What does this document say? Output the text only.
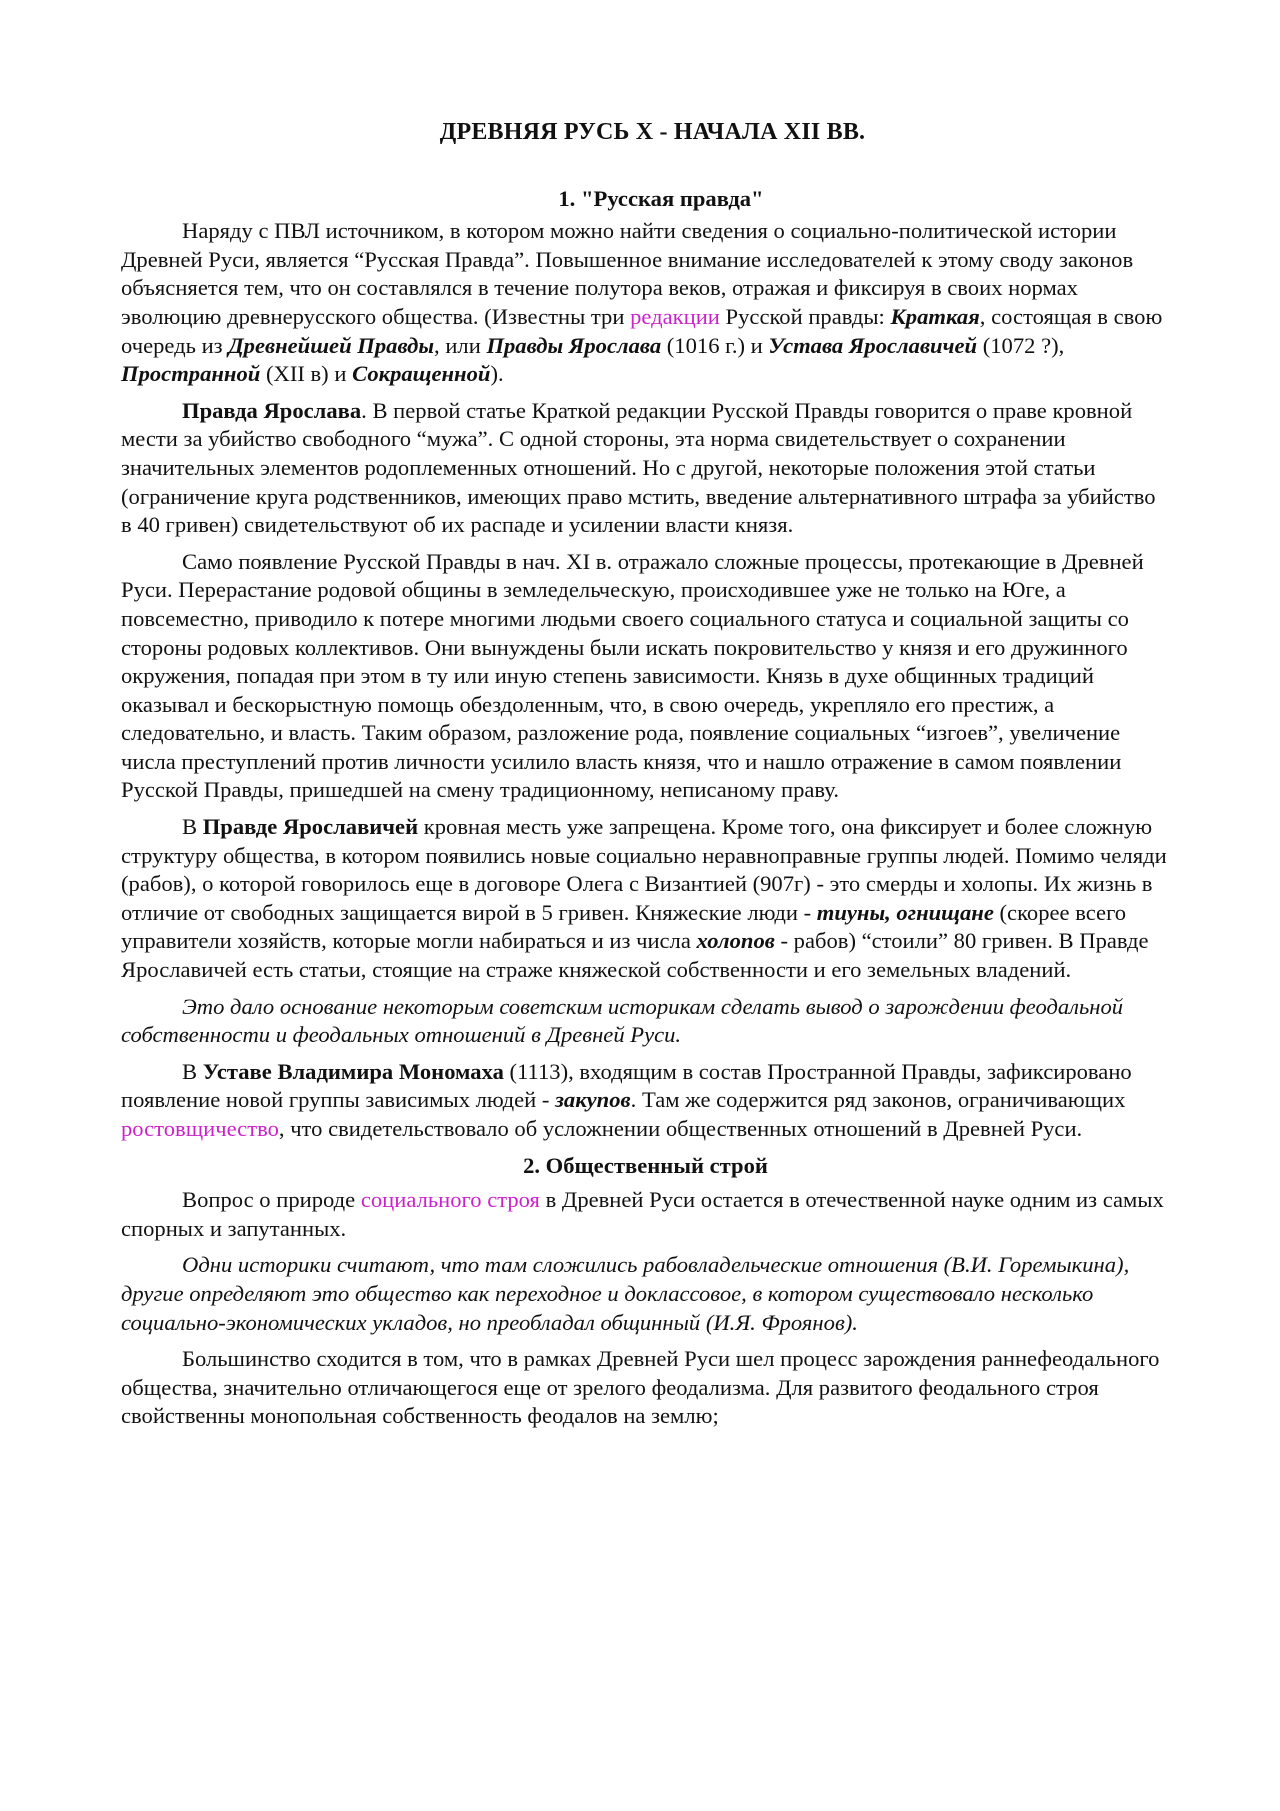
ДРЕВНЯЯ РУСЬ X - НАЧАЛА XII ВВ.
1. "Русская правда"

Наряду с ПВЛ источником, в котором можно найти сведения о социально-политической истории Древней Руси, является “Русская Правда”. Повышенное внимание исследователей к этому своду законов объясняется тем, что он составлялся в течение полутора веков, отражая и фиксируя в своих нормах эволюцию древнерусского общества. (Известны три редакции Русской правды: Краткая, состоящая в свою очередь из Древнейшей Правды, или Правды Ярослава (1016 г.) и Устава Ярославичей (1072 ?), Пространной (XII в) и Сокращенной).

Правда Ярослава. В первой статье Краткой редакции Русской Правды говорится о праве кровной мести за убийство свободного “мужа”. С одной стороны, эта норма свидетельствует о сохранении значительных элементов родоплеменных отношений. Но с другой, некоторые положения этой статьи (ограничение круга родственников, имеющих право мстить, введение альтернативного штрафа за убийство в 40 гривен) свидетельствуют об их распаде и усилении власти князя.

Само появление Русской Правды в нач. XI в. отражало сложные процессы, протекающие в Древней Руси. Перерастание родовой общины в земледельческую, происходившее уже не только на Юге, а повсеместно, приводило к потере многими людьми своего социального статуса и социальной защиты со стороны родовых коллективов. Они вынуждены были искать покровительство у князя и его дружинного окружения, попадая при этом в ту или иную степень зависимости. Князь в духе общинных традиций оказывал и бескорыстную помощь обездоленным, что, в свою очередь, укрепляло его престиж, а следовательно, и власть. Таким образом, разложение рода, появление социальных “изгоев”, увеличение числа преступлений против личности усилило власть князя, что и нашло отражение в самом появлении Русской Правды, пришедшей на смену традиционному, неписаному праву.

В Правде Ярославичей кровная месть уже запрещена. Кроме того, она фиксирует и более сложную структуру общества, в котором появились новые социально неравноправные группы людей. Помимо челяди (рабов), о которой говорилось еще в договоре Олега с Византией (907г) - это смерды и холопы. Их жизнь в отличие от свободных защищается вирой в 5 гривен. Княжеские люди - тиуны, огнищане (скорее всего управители хозяйств, которые могли набираться и из числа холопов - рабов) “стоили” 80 гривен. В Правде Ярославичей есть статьи, стоящие на страже княжеской собственности и его земельных владений.

Это дало основание некоторым советским историкам сделать вывод о зарождении феодальной собственности и феодальных отношений в Древней Руси.

В Уставе Владимира Мономаха (1113), входящим в состав Пространной Правды, зафиксировано появление новой группы зависимых людей - закупов. Там же содержится ряд законов, ограничивающих ростовщичество, что свидетельствовало об усложнении общественных отношений в Древней Руси.

2. Общественный строй

Вопрос о природе социального строя в Древней Руси остается в отечественной науке одним из самых спорных и запутанных.

Одни историки считают, что там сложились рабовладельческие отношения (В.И. Горемыкина), другие определяют это общество как переходное и доклассовое, в котором существовало несколько социально-экономических укладов, но преобладал общинный (И.Я. Фроянов).

Большинство сходится в том, что в рамках Древней Руси шел процесс зарождения раннефеодального общества, значительно отличающегося еще от зрелого феодализма. Для развитого феодального строя свойственны монопольная собственность феодалов на землю;
